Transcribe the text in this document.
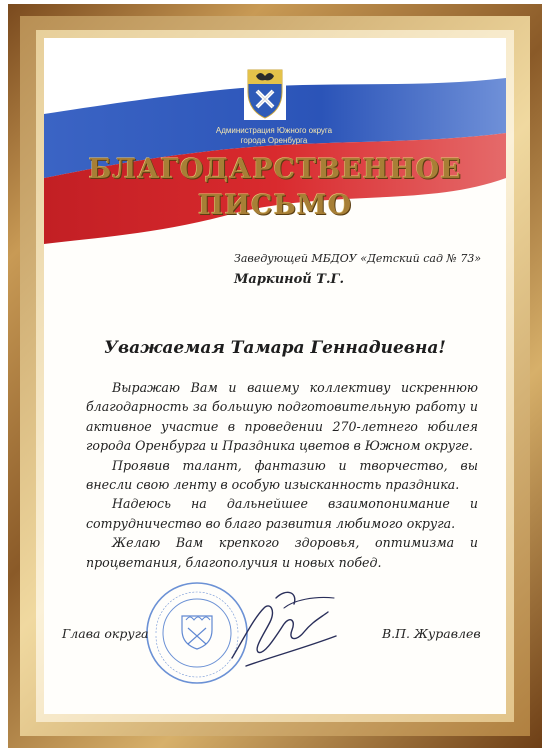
Администрация Южного округа
города Оренбурга
БЛАГОДАРСТВЕННОЕ
ПИСЬМО
Заведующей МБДОУ «Детский сад № 73»
Маркиной Т.Г.
Уважаемая Тамара Геннадиевна!

Выражаю Вам и вашему коллективу искреннюю благодарность за большую подготовительную работу и активное участие в проведении 270-летнего юбилея города Оренбурга и Праздника цветов в Южном округе.

Проявив талант, фантазию и творчество, вы внесли свою ленту в особую изысканность праздника.

Надеюсь на дальнейшее взаимопонимание и сотрудничество во благо развития любимого округа.

Желаю Вам крепкого здоровья, оптимизма и процветания, благополучия и новых побед.

Глава округа	В.П. Журавлев
